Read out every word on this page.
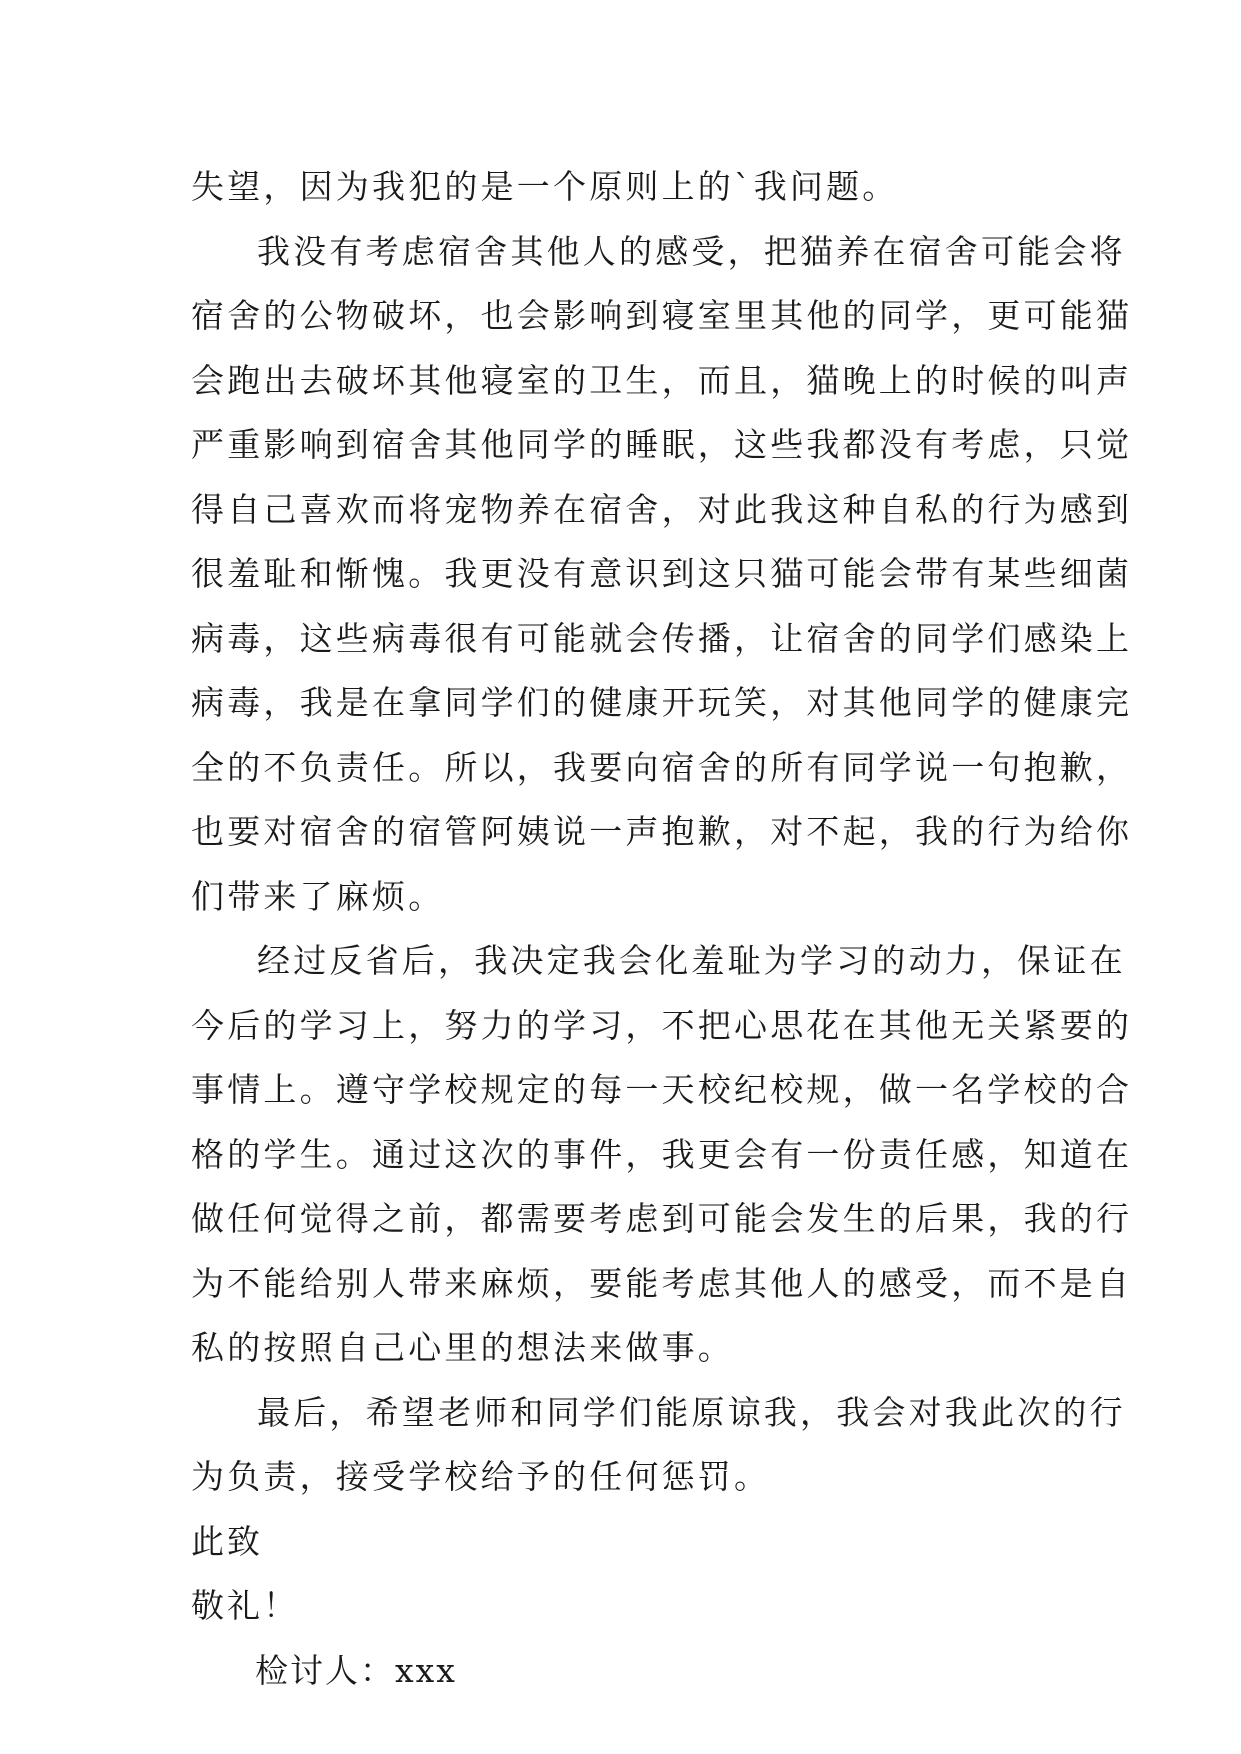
失望，因为我犯的是一个原则上的`我问题。
我没有考虑宿舍其他人的感受，把猫养在宿舍可能会将
宿舍的公物破坏，也会影响到寝室里其他的同学，更可能猫
会跑出去破坏其他寝室的卫生，而且，猫晚上的时候的叫声
严重影响到宿舍其他同学的睡眠，这些我都没有考虑，只觉
得自己喜欢而将宠物养在宿舍，对此我这种自私的行为感到
很羞耻和惭愧。我更没有意识到这只猫可能会带有某些细菌
病毒，这些病毒很有可能就会传播，让宿舍的同学们感染上
病毒，我是在拿同学们的健康开玩笑，对其他同学的健康完
全的不负责任。所以，我要向宿舍的所有同学说一句抱歉，
也要对宿舍的宿管阿姨说一声抱歉，对不起，我的行为给你
们带来了麻烦。
经过反省后，我决定我会化羞耻为学习的动力，保证在
今后的学习上，努力的学习，不把心思花在其他无关紧要的
事情上。遵守学校规定的每一天校纪校规，做一名学校的合
格的学生。通过这次的事件，我更会有一份责任感，知道在
做任何觉得之前，都需要考虑到可能会发生的后果，我的行
为不能给别人带来麻烦，要能考虑其他人的感受，而不是自
私的按照自己心里的想法来做事。
最后，希望老师和同学们能原谅我，我会对我此次的行
为负责，接受学校给予的任何惩罚。
此致
敬礼！
检讨人：xxx
